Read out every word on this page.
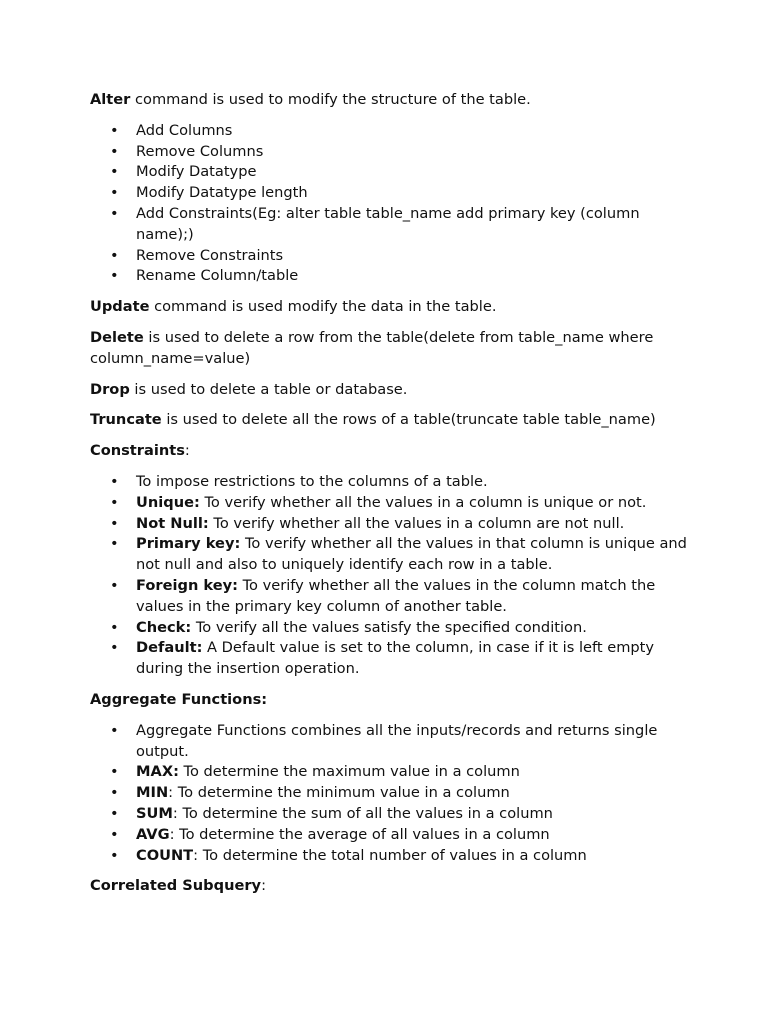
Alter command is used to modify the structure of the table.

• Add Columns
• Remove Columns
• Modify Datatype
• Modify Datatype length
• Add Constraints(Eg: alter table table_name add primary key (column name);)
• Remove Constraints
• Rename Column/table

Update command is used modify the data in the table.

Delete is used to delete a row from the table(delete from table_name where column_name=value)

Drop is used to delete a table or database.

Truncate is used to delete all the rows of a table(truncate table table_name)

Constraints:

• To impose restrictions to the columns of a table.
• Unique: To verify whether all the values in a column is unique or not.
• Not Null: To verify whether all the values in a column are not null.
• Primary key: To verify whether all the values in that column is unique and not null and also to uniquely identify each row in a table.
• Foreign key: To verify whether all the values in the column match the values in the primary key column of another table.
• Check: To verify all the values satisfy the specified condition.
• Default: A Default value is set to the column, in case if it is left empty during the insertion operation.

Aggregate Functions:

• Aggregate Functions combines all the inputs/records and returns single output.
• MAX: To determine the maximum value in a column
• MIN: To determine the minimum value in a column
• SUM: To determine the sum of all the values in a column
• AVG: To determine the average of all values in a column
• COUNT: To determine the total number of values in a column

Correlated Subquery:
